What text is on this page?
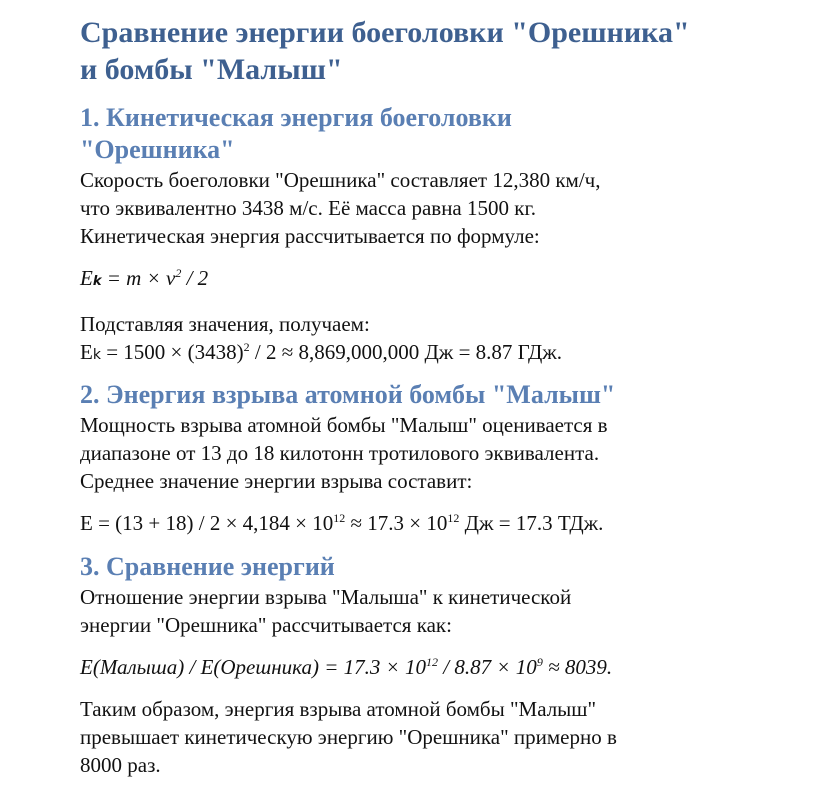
Сравнение энергии боеголовки "Орешника"
и бомбы "Малыш"
1. Кинетическая энергия боеголовки
"Орешника"

Скорость боеголовки "Орешника" составляет 12,380 км/ч,
что эквивалентно 3438 м/с. Её масса равна 1500 кг.
Кинетическая энергия рассчитывается по формуле:

$Ek = m \times v^2 / 2$

Подставляя значения, получаем:
$Ek = 1500 \times (3438)^2 / 2 \approx 8,869,000,000$ Дж = 8.87 ГДж.

2. Энергия взрыва атомной бомбы "Малыш"

Мощность взрыва атомной бомбы "Малыш" оценивается в
диапазоне от 13 до 18 килотонн тротилового эквивалента.
Среднее значение энергии взрыва составит:

$E = (13 + 18) / 2 \times 4,184 \times 10^{12} \approx 17.3 \times 10^{12}$ Дж = 17.3 ТДж.

3. Сравнение энергий

Отношение энергии взрыва "Малыша" к кинетической
энергии "Орешника" рассчитывается как:

E(Малыша) / E(Орешника) = $17.3 \times 10^{12} / 8.87 \times 10^9 \approx 8039$.

Таким образом, энергия взрыва атомной бомбы "Малыш"
превышает кинетическую энергию "Орешника" примерно в
8000 раз.
